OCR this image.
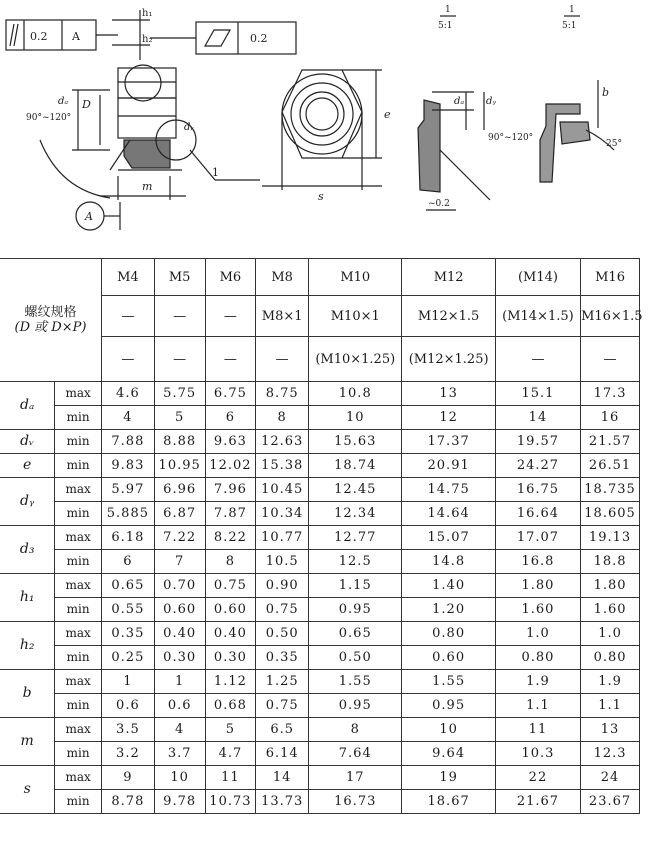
0.2 A
h₁
h₂	0.2
D
dₐ
90°~120°
dᵥ
m
1
A
e
s
1
5:1
dₐ dᵧ
90°~120°
~0.2
1
5:1
b
25°
螺纹规格
(D 或 D×P)		M4	M5	M6	M8	M10	M12	(M14)	M16
		—	—	—	M8×1	M10×1	M12×1.5	(M14×1.5)	M16×1.5
		—	—	—	—	(M10×1.25)	(M12×1.25)	—	—
dₐ	max	4.6	5.75	6.75	8.75	10.8	13	15.1	17.3
	min	4	5	6	8	10	12	14	16
dᵥ	min	7.88	8.88	9.63	12.63	15.63	17.37	19.57	21.57
e	min	9.83	10.95	12.02	15.38	18.74	20.91	24.27	26.51
dᵧ	max	5.97	6.96	7.96	10.45	12.45	14.75	16.75	18.735
	min	5.885	6.87	7.87	10.34	12.34	14.64	16.64	18.605
d₃	max	6.18	7.22	8.22	10.77	12.77	15.07	17.07	19.13
	min	6	7	8	10.5	12.5	14.8	16.8	18.8
h₁	max	0.65	0.70	0.75	0.90	1.15	1.40	1.80	1.80
	min	0.55	0.60	0.60	0.75	0.95	1.20	1.60	1.60
h₂	max	0.35	0.40	0.40	0.50	0.65	0.80	1.0	1.0
	min	0.25	0.30	0.30	0.35	0.50	0.60	0.80	0.80
b	max	1	1	1.12	1.25	1.55	1.55	1.9	1.9
	min	0.6	0.6	0.68	0.75	0.95	0.95	1.1	1.1
m	max	3.5	4	5	6.5	8	10	11	13
	min	3.2	3.7	4.7	6.14	7.64	9.64	10.3	12.3
s	max	9	10	11	14	17	19	22	24
	min	8.78	9.78	10.73	13.73	16.73	18.67	21.67	23.67
